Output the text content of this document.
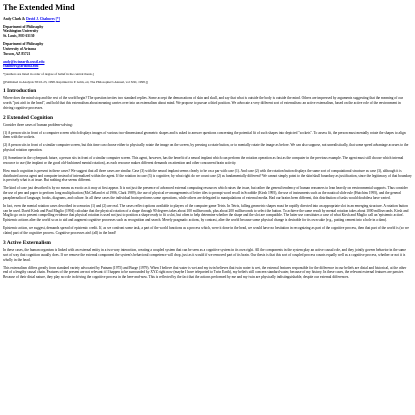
The Extended Mind
Andy Clark & David J. Chalmers [*]
Department of Philosophy
Washington University
St. Louis, MO 63130
Department of Philosophy
University of Arizona
Tucson, AZ 85721
andy@twinearth.wustl.edu
chalmers@arizona.edu
*[Authors are listed in order of degree of belief in the central thesis.]
[[Published in Analysis 58:10-23, 1998. Reprinted in P. Grim, ed, The Philosopher's Annual, vol XXI, 1998.]]
1 Introduction

Where does the mind stop and the rest of the world begin? The question invites two standard replies. Some accept the demarcations of skin and skull, and say that what is outside the body is outside the mind. Others are impressed by arguments suggesting that the meaning of our words "just ain't in the head", and hold that this externalism about meaning carries over into an externalism about mind. We propose to pursue a third position. We advocate a very different sort of externalism: an active externalism, based on the active role of the environment in driving cognitive processes.

2 Extended Cognition

Consider three cases of human problem-solving:

(1) A person sits in front of a computer screen which displays images of various two-dimensional geometric shapes and is asked to answer questions concerning the potential fit of such shapes into depicted "sockets". To assess fit, the person must mentally rotate the shapes to align them with the sockets.

(2) A person sits in front of a similar computer screen, but this time can choose either to physically rotate the image on the screen, by pressing a rotate button, or to mentally rotate the image as before. We can also suppose, not unrealistically, that some speed advantage accrues to the physical rotation operation.

(3) Sometime in the cyberpunk future, a person sits in front of a similar computer screen. This agent, however, has the benefit of a neural implant which can perform the rotation operation as fast as the computer in the previous example. The agent must still choose which internal resource to use (the implant or the good old-fashioned mental rotation), as each resource makes different demands on attention and other concurrent brain activity.

How much cognition is present in these cases? We suggest that all three cases are similar. Case (3) with the neural implant seems clearly to be on a par with case (1). And case (2) with the rotation button displays the same sort of computational structure as case (3), although it is distributed across agent and computer instead of internalized within the agent. If the rotation in case (3) is cognitive, by what right do we count case (2) as fundamentally different? We cannot simply point to the skin/skull boundary as justification, since the legitimacy of that boundary is precisely what is at issue. But nothing else seems different.

The kind of case just described is by no means as exotic as it may at first appear. It is not just the presence of advanced external computing resources which raises the issue, but rather the general tendency of human reasoners to lean heavily on environmental supports. Thus consider the use of pen and paper to perform long multiplication (McClelland et al 1986, Clark 1989), the use of physical re-arrangements of letter tiles to prompt word recall in Scrabble (Kirsh 1995), the use of instruments such as the nautical slide rule (Hutchins 1995), and the general paraphernalia of language, books, diagrams, and culture. In all these cases the individual brain performs some operations, while others are delegated to manipulations of external media. Had our brains been different, this distribution of tasks would doubtless have varied.

In fact, even the mental rotation cases described in scenarios (1) and (2) are real. The cases reflect options available to players of the computer game Tetris. In Tetris, falling geometric shapes must be rapidly directed into an appropriate slot in an emerging structure. A rotation button can be used. David Kirsh and Paul Maglio (1994) calculate that the physical rotation of a shape through 90 degrees takes about 100 milliseconds, plus about 200 milliseconds to select the button. To achieve the same result by mental rotation takes about 1000 milliseconds. Kirsh and Maglio go on to present compelling evidence that physical rotation is used not just to position a shape ready to fit a slot, but often to help determine whether the shape and the slot are compatible. The latter use constitutes a case of what Kirsh and Maglio call an 'epistemic action'. Epistemic actions alter the world so as to aid and augment cognitive processes such as recognition and search. Merely pragmatic actions, by contrast, alter the world because some physical change is desirable for its own sake (e.g., putting cement into a hole in a dam).

Epistemic action, we suggest, demands spread of epistemic credit. If, as we confront some task, a part of the world functions as a process which, were it done in the head, we would have no hesitation in recognizing as part of the cognitive process, then that part of the world is (so we claim) part of the cognitive process. Cognitive processes ain't (all) in the head!

3 Active Externalism

In these cases, the human organism is linked with an external entity in a two-way interaction, creating a coupled system that can be seen as a cognitive system in its own right. All the components in the system play an active causal role, and they jointly govern behavior in the same sort of way that cognition usually does. If we remove the external component the system's behavioral competence will drop, just as it would if we removed part of its brain. Our thesis is that this sort of coupled process counts equally well as a cognitive process, whether or not it is wholly in the head.

This externalism differs greatly from standard variety advocated by Putnam (1975) and Burge (1979). When I believe that water is wet and my twin believes that twin water is wet, the external features responsible for the difference in our beliefs are distal and historical, at the other end of a lengthy causal chain. Features of the present are not relevant: if I happen to be surrounded by XYZ right now (maybe I have teleported to Twin Earth), my beliefs still concern standard water, because of my history. In these cases, the relevant external features are passive. Because of their distal nature, they play no role in driving the cognitive process in the here-and-now. This is reflected by the fact that the actions performed by me and my twin are physically indistinguishable, despite our external differences.
